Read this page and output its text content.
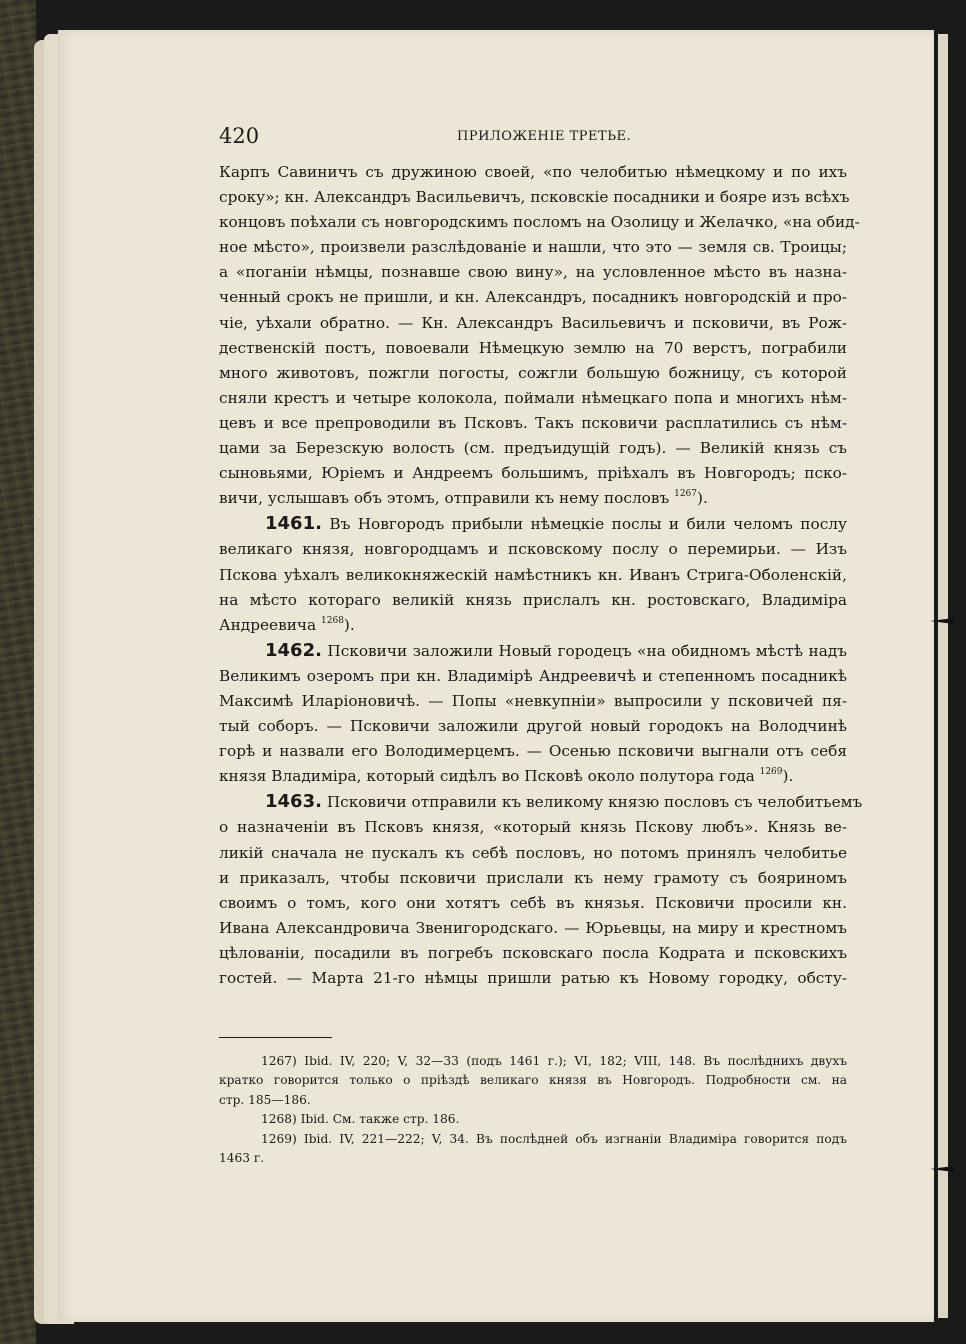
420	ПРИЛОЖЕНІЕ ТРЕТЬЕ.
Карпъ Савиничъ съ дружиною своей, «по челобитью нѣмецкому и по ихъ
сроку»; кн. Александръ Васильевичъ, псковскіе посадники и бояре изъ всѣхъ
концовъ поѣхали съ новгородскимъ посломъ на Озолицу и Желачко, «на обид-
ное мѣсто», произвели разслѣдованіе и нашли, что это — земля св. Троицы;
а «поганіи нѣмцы, познавше свою вину», на условленное мѣсто въ назна-
ченный срокъ не пришли, и кн. Александръ, посадникъ новгородскій и про-
чіе, уѣхали обратно. — Кн. Александръ Васильевичъ и псковичи, въ Рож-
дественскій постъ, повоевали Нѣмецкую землю на 70 верстъ, пограбили
много животовъ, пожгли погосты, сожгли большую божницу, съ которой
сняли крестъ и четыре колокола, поймали нѣмецкаго попа и многихъ нѣм-
цевъ и все препроводили въ Псковъ. Такъ псковичи расплатились съ нѣм-
цами за Березскую волость (см. предъидущій годъ). — Великій князь съ
сыновьями, Юріемъ и Андреемъ большимъ, пріѣхалъ въ Новгородъ; пско-
вичи, услышавъ объ этомъ, отправили къ нему пословъ $^{1267}$).
1461. Въ Новгородъ прибыли нѣмецкіе послы и били челомъ послу
великаго князя, новгородцамъ и псковскому послу о перемирьи. — Изъ
Пскова уѣхалъ великокняжескій намѣстникъ кн. Иванъ Стрига-Оболенскій,
на мѣсто котораго великій князь прислалъ кн. ростовскаго, Владиміра
Андреевича $^{1268}$).
1462. Псковичи заложили Новый городецъ «на обидномъ мѣстѣ надъ
Великимъ озеромъ при кн. Владимірѣ Андреевичѣ и степенномъ посадникѣ
Максимѣ Иларіоновичѣ. — Попы «невкупніи» выпросили у псковичей пя-
тый соборъ. — Псковичи заложили другой новый городокъ на Володчинѣ
горѣ и назвали его Володимерцемъ. — Осенью псковичи выгнали отъ себя
князя Владиміра, который сидѣлъ во Псковѣ около полутора года $^{1269}$).
1463. Псковичи отправили къ великому князю пословъ съ челобитьемъ
о назначеніи въ Псковъ князя, «который князь Пскову любъ». Князь ве-
ликій сначала не пускалъ къ себѣ пословъ, но потомъ принялъ челобитье
и приказалъ, чтобы псковичи прислали къ нему грамоту съ бояриномъ
своимъ о томъ, кого они хотятъ себѣ въ князья. Псковичи просили кн.
Ивана Александровича Звенигородскаго. — Юрьевцы, на миру и крестномъ
цѣлованіи, посадили въ погребъ псковскаго посла Кодрата и псковскихъ
гостей. — Марта 21-го нѣмцы пришли ратью къ Новому городку, обсту-
1267) Ibid. IV, 220; V, 32—33 (подъ 1461 г.); VI, 182; VIII, 148. Въ послѣднихъ двухъ
кратко говорится только о пріѣздѣ великаго князя въ Новгородъ. Подробности см. на
стр. 185—186.
1268) Ibid. См. также стр. 186.
1269) Ibid. IV, 221—222; V, 34. Въ послѣдней объ изгнаніи Владиміра говорится подъ
1463 г.
